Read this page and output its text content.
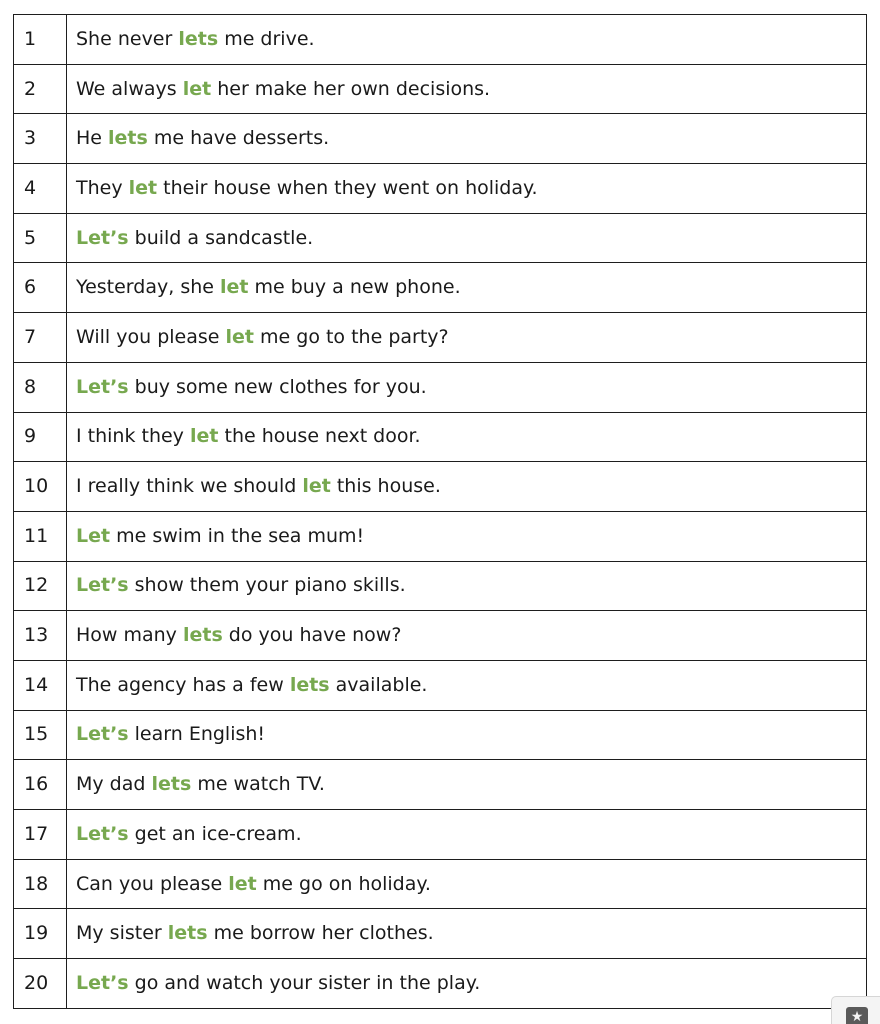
1	She never lets me drive.
2	We always let her make her own decisions.
3	He lets me have desserts.
4	They let their house when they went on holiday.
5	Let’s build a sandcastle.
6	Yesterday, she let me buy a new phone.
7	Will you please let me go to the party?
8	Let’s buy some new clothes for you.
9	I think they let the house next door.
10	I really think we should let this house.
11	Let me swim in the sea mum!
12	Let’s show them your piano skills.
13	How many lets do you have now?
14	The agency has a few lets available.
15	Let’s learn English!
16	My dad lets me watch TV.
17	Let’s get an ice-cream.
18	Can you please let me go on holiday.
19	My sister lets me borrow her clothes.
20	Let’s go and watch your sister in the play.
★
